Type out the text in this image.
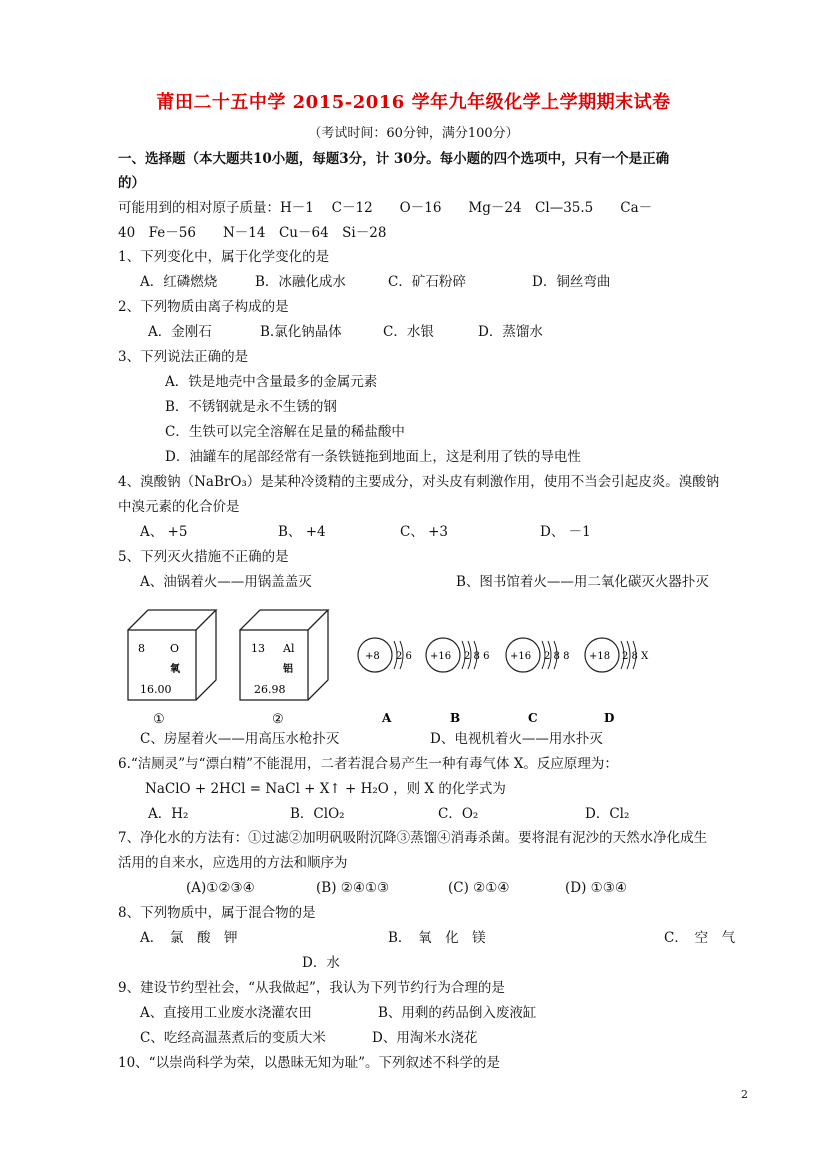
莆田二十五中学 2015-2016 学年九年级化学上学期期末试卷
（考试时间：60分钟，满分100分）
一、选择题（本大题共10小题，每题3分，计 30分。每小题的四个选项中，只有一个是正确
的）
可能用到的相对原子质量：H－1　 C－12　　O－16　　Mg－24　Cl—35.5　　Ca－
40　Fe－56　　N－14　Cu－64　Si－28
1、下列变化中，属于化学变化的是
A．红磷燃烧	B．冰融化成水	C．矿石粉碎	D．铜丝弯曲
2、下列物质由离子构成的是
A．金刚石	B.氯化钠晶体	C．水银	D．蒸馏水
3、下列说法正确的是
A．铁是地壳中含量最多的金属元素
B．不锈钢就是永不生锈的钢
C．生铁可以完全溶解在足量的稀盐酸中
D．油罐车的尾部经常有一条铁链拖到地面上，这是利用了铁的导电性
4、溴酸钠（NaBrO₃）是某种冷烫精的主要成分，对头皮有刺激作用，使用不当会引起皮炎。溴酸钠
中溴元素的化合价是
A、 +5	B、 +4	C、 +3	D、 －1
5、下列灭火措施不正确的是
A、油锅着火——用锅盖盖灭	B、图书馆着火——用二氧化碳灭火器扑灭
8 O
氧
16.00
①
13 Al
铝
26.98
②
+8 2 6
A
+16 2 8 6
B
+16 2 8 8
C
+18 2 8 X
D
C、房屋着火——用高压水枪扑灭	D、电视机着火——用水扑灭
6.“洁厕灵”与“漂白精”不能混用，二者若混合易产生一种有毒气体 X。反应原理为：
NaClO + 2HCl = NaCl + X↑ + H₂O ，则 X 的化学式为
A．H₂	B．ClO₂	C．O₂	D．Cl₂
7、净化水的方法有：①过滤②加明矾吸附沉降③蒸馏④消毒杀菌。要将混有泥沙的天然水净化成生
活用的自来水，应选用的方法和顺序为
(A)①②③④	(B) ②④①③	(C) ②①④	(D) ①③④
8、下列物质中，属于混合物的是
A．　氯　酸　钾	B．　氧　化　镁	C．　空　气
D．水
9、建设节约型社会，“从我做起”，我认为下列节约行为合理的是
A、直接用工业废水浇灌农田	B、用剩的药品倒入废液缸
C、吃经高温蒸煮后的变质大米	D、用淘米水浇花
10、“以崇尚科学为荣，以愚昧无知为耻”。下列叙述不科学的是
2
